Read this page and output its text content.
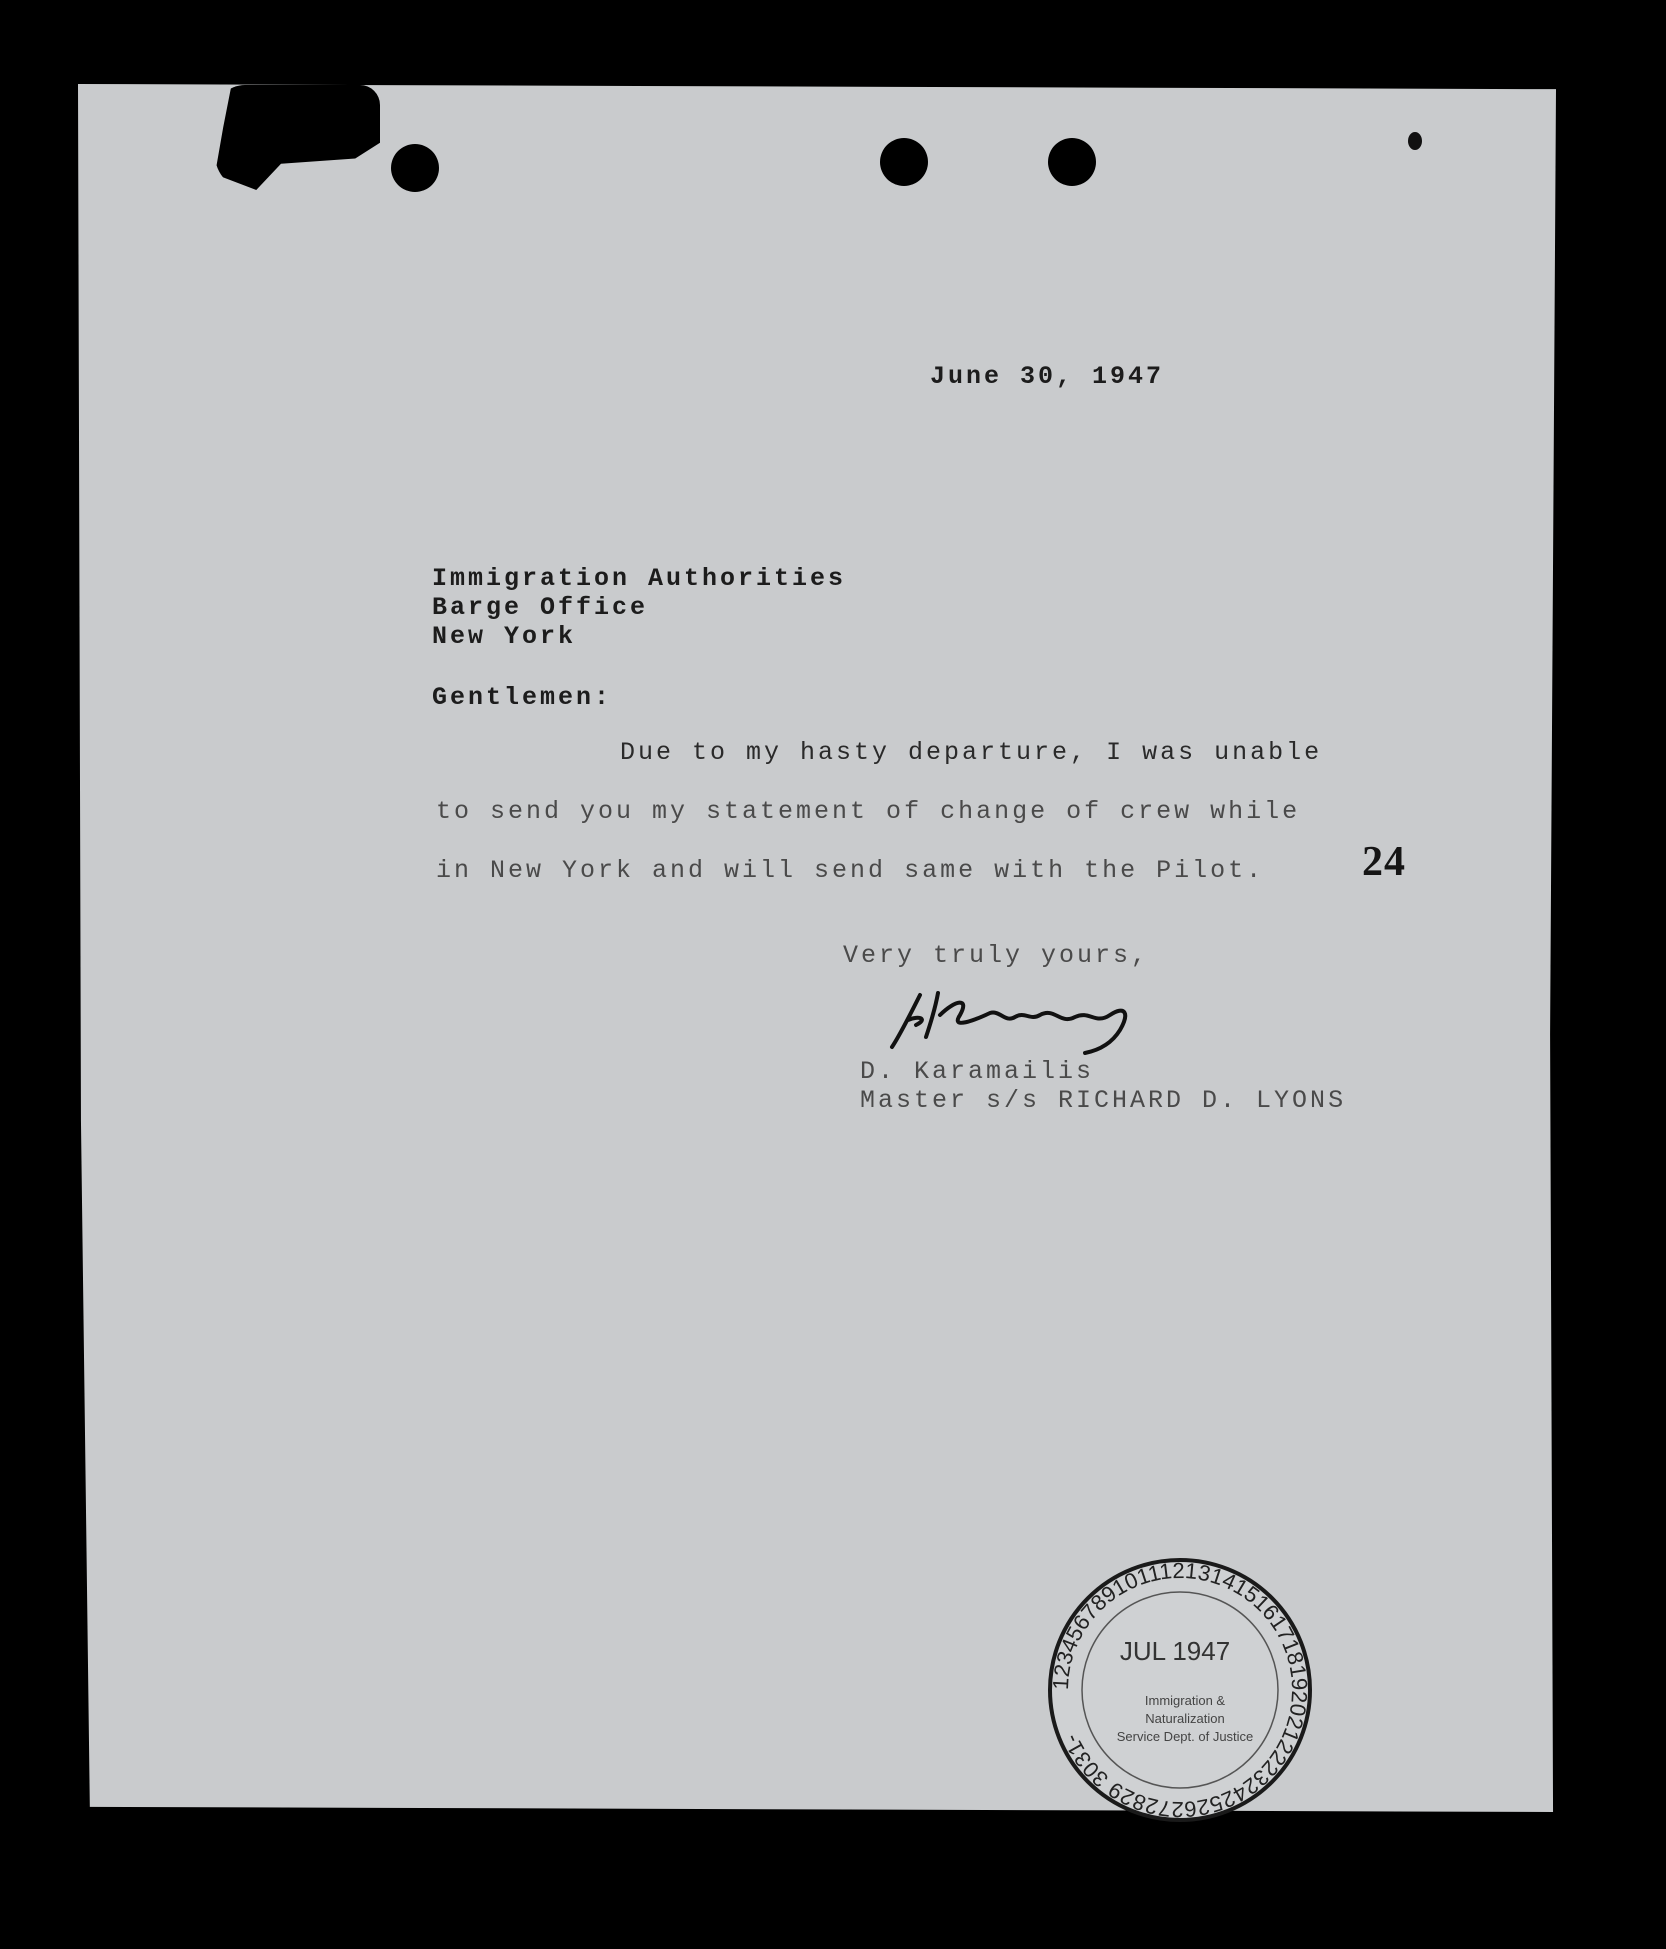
June 30, 1947
Immigration Authorities
Barge Office
New York
Gentlemen:
Due to my hasty departure, I was unable
to send you my statement of change of crew while
in New York and will send same with the Pilot. 24
Very truly yours,
D. Karamailis
Master s/s RICHARD D. LYONS
1234567891011121314151617181920212223242526272829 3031-
JUL 1947
Immigration &
Naturalization
Service Dept. of Justice
